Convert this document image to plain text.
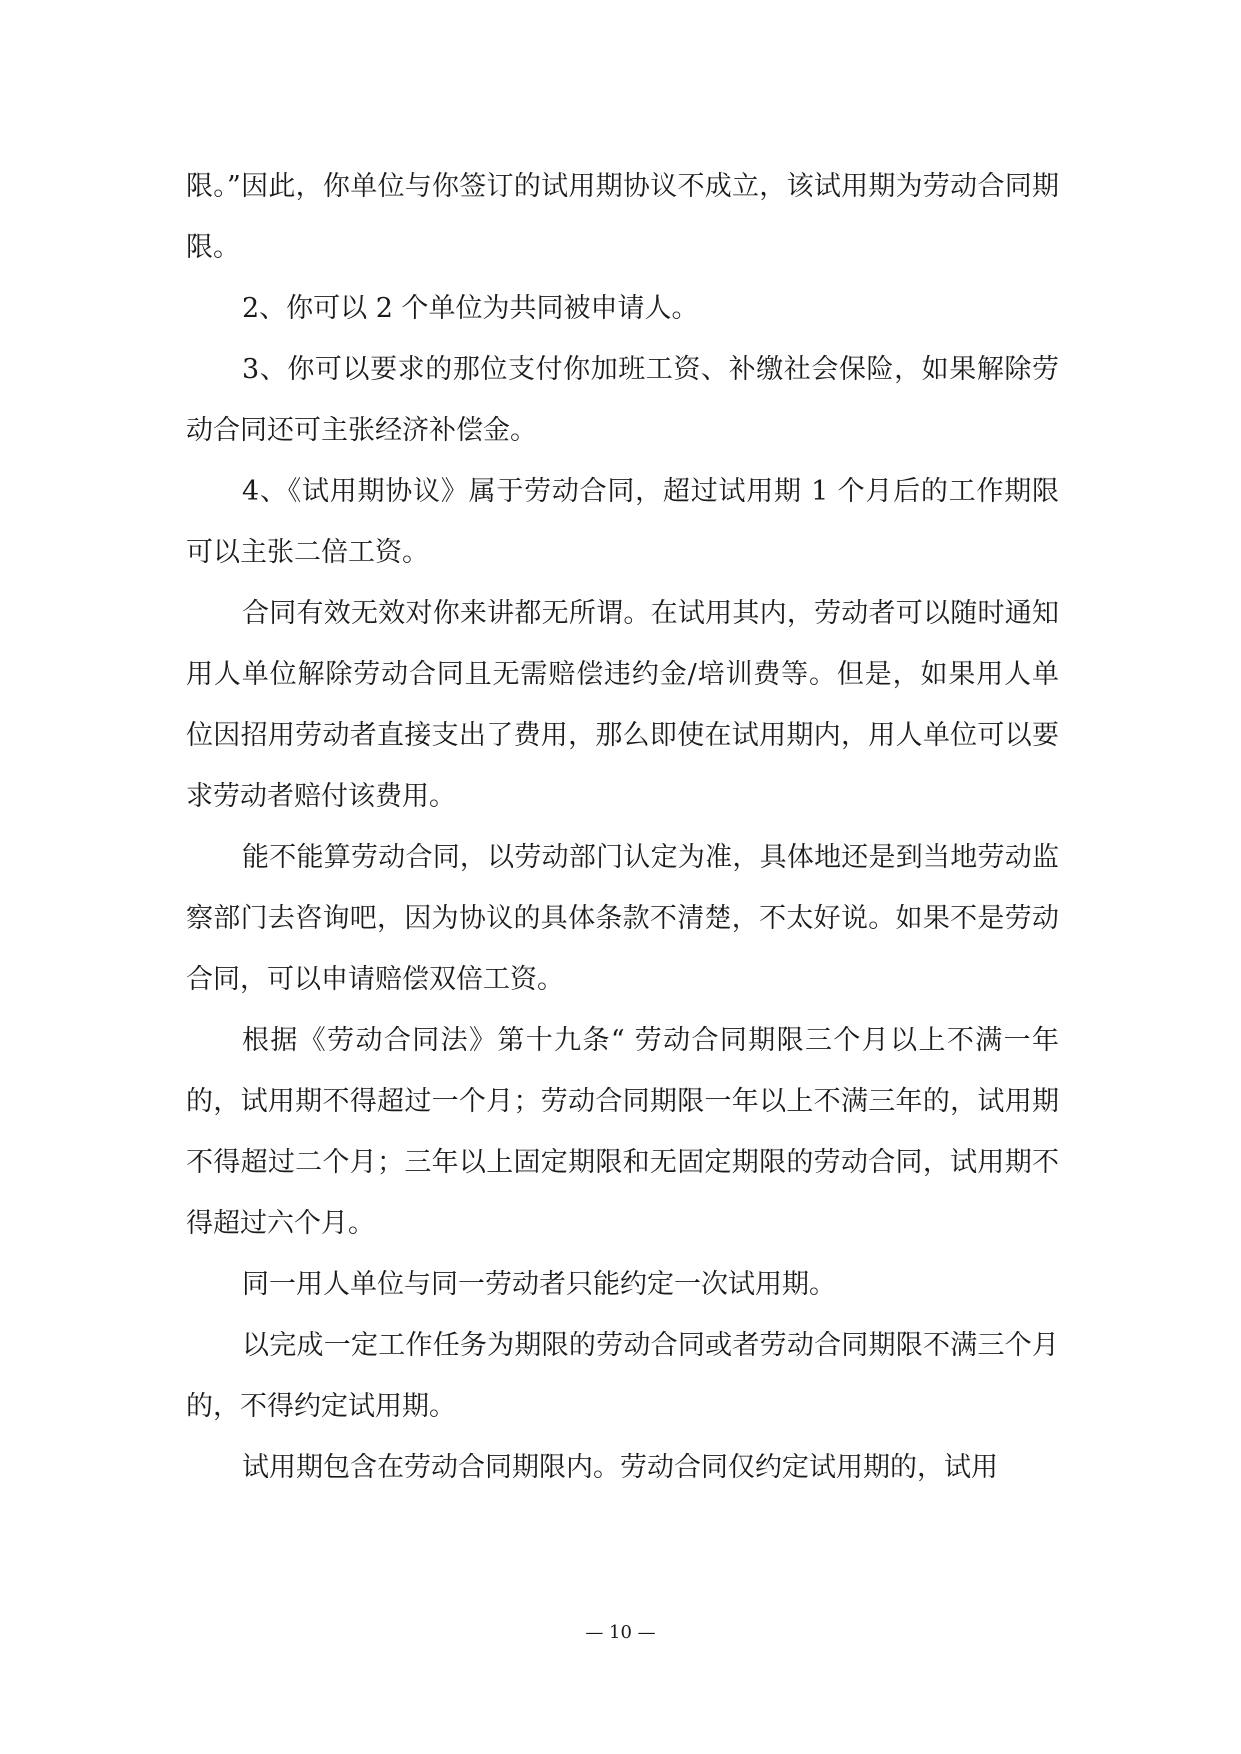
限。”因此，你单位与你签订的试用期协议不成立，该试用期为劳动合同期限。

2、你可以 2 个单位为共同被申请人。

3、你可以要求的那位支付你加班工资、补缴社会保险，如果解除劳动合同还可主张经济补偿金。

4、《试用期协议》属于劳动合同，超过试用期 1 个月后的工作期限可以主张二倍工资。

合同有效无效对你来讲都无所谓。在试用其内，劳动者可以随时通知用人单位解除劳动合同且无需赔偿违约金/培训费等。但是，如果用人单位因招用劳动者直接支出了费用，那么即使在试用期内，用人单位可以要求劳动者赔付该费用。

能不能算劳动合同，以劳动部门认定为准，具体地还是到当地劳动监察部门去咨询吧，因为协议的具体条款不清楚，不太好说。如果不是劳动合同，可以申请赔偿双倍工资。

根据《劳动合同法》第十九条“ 劳动合同期限三个月以上不满一年的，试用期不得超过一个月；劳动合同期限一年以上不满三年的，试用期不得超过二个月；三年以上固定期限和无固定期限的劳动合同，试用期不得超过六个月。

同一用人单位与同一劳动者只能约定一次试用期。

以完成一定工作任务为期限的劳动合同或者劳动合同期限不满三个月的，不得约定试用期。

试用期包含在劳动合同期限内。劳动合同仅约定试用期的，试用

— 10 —
